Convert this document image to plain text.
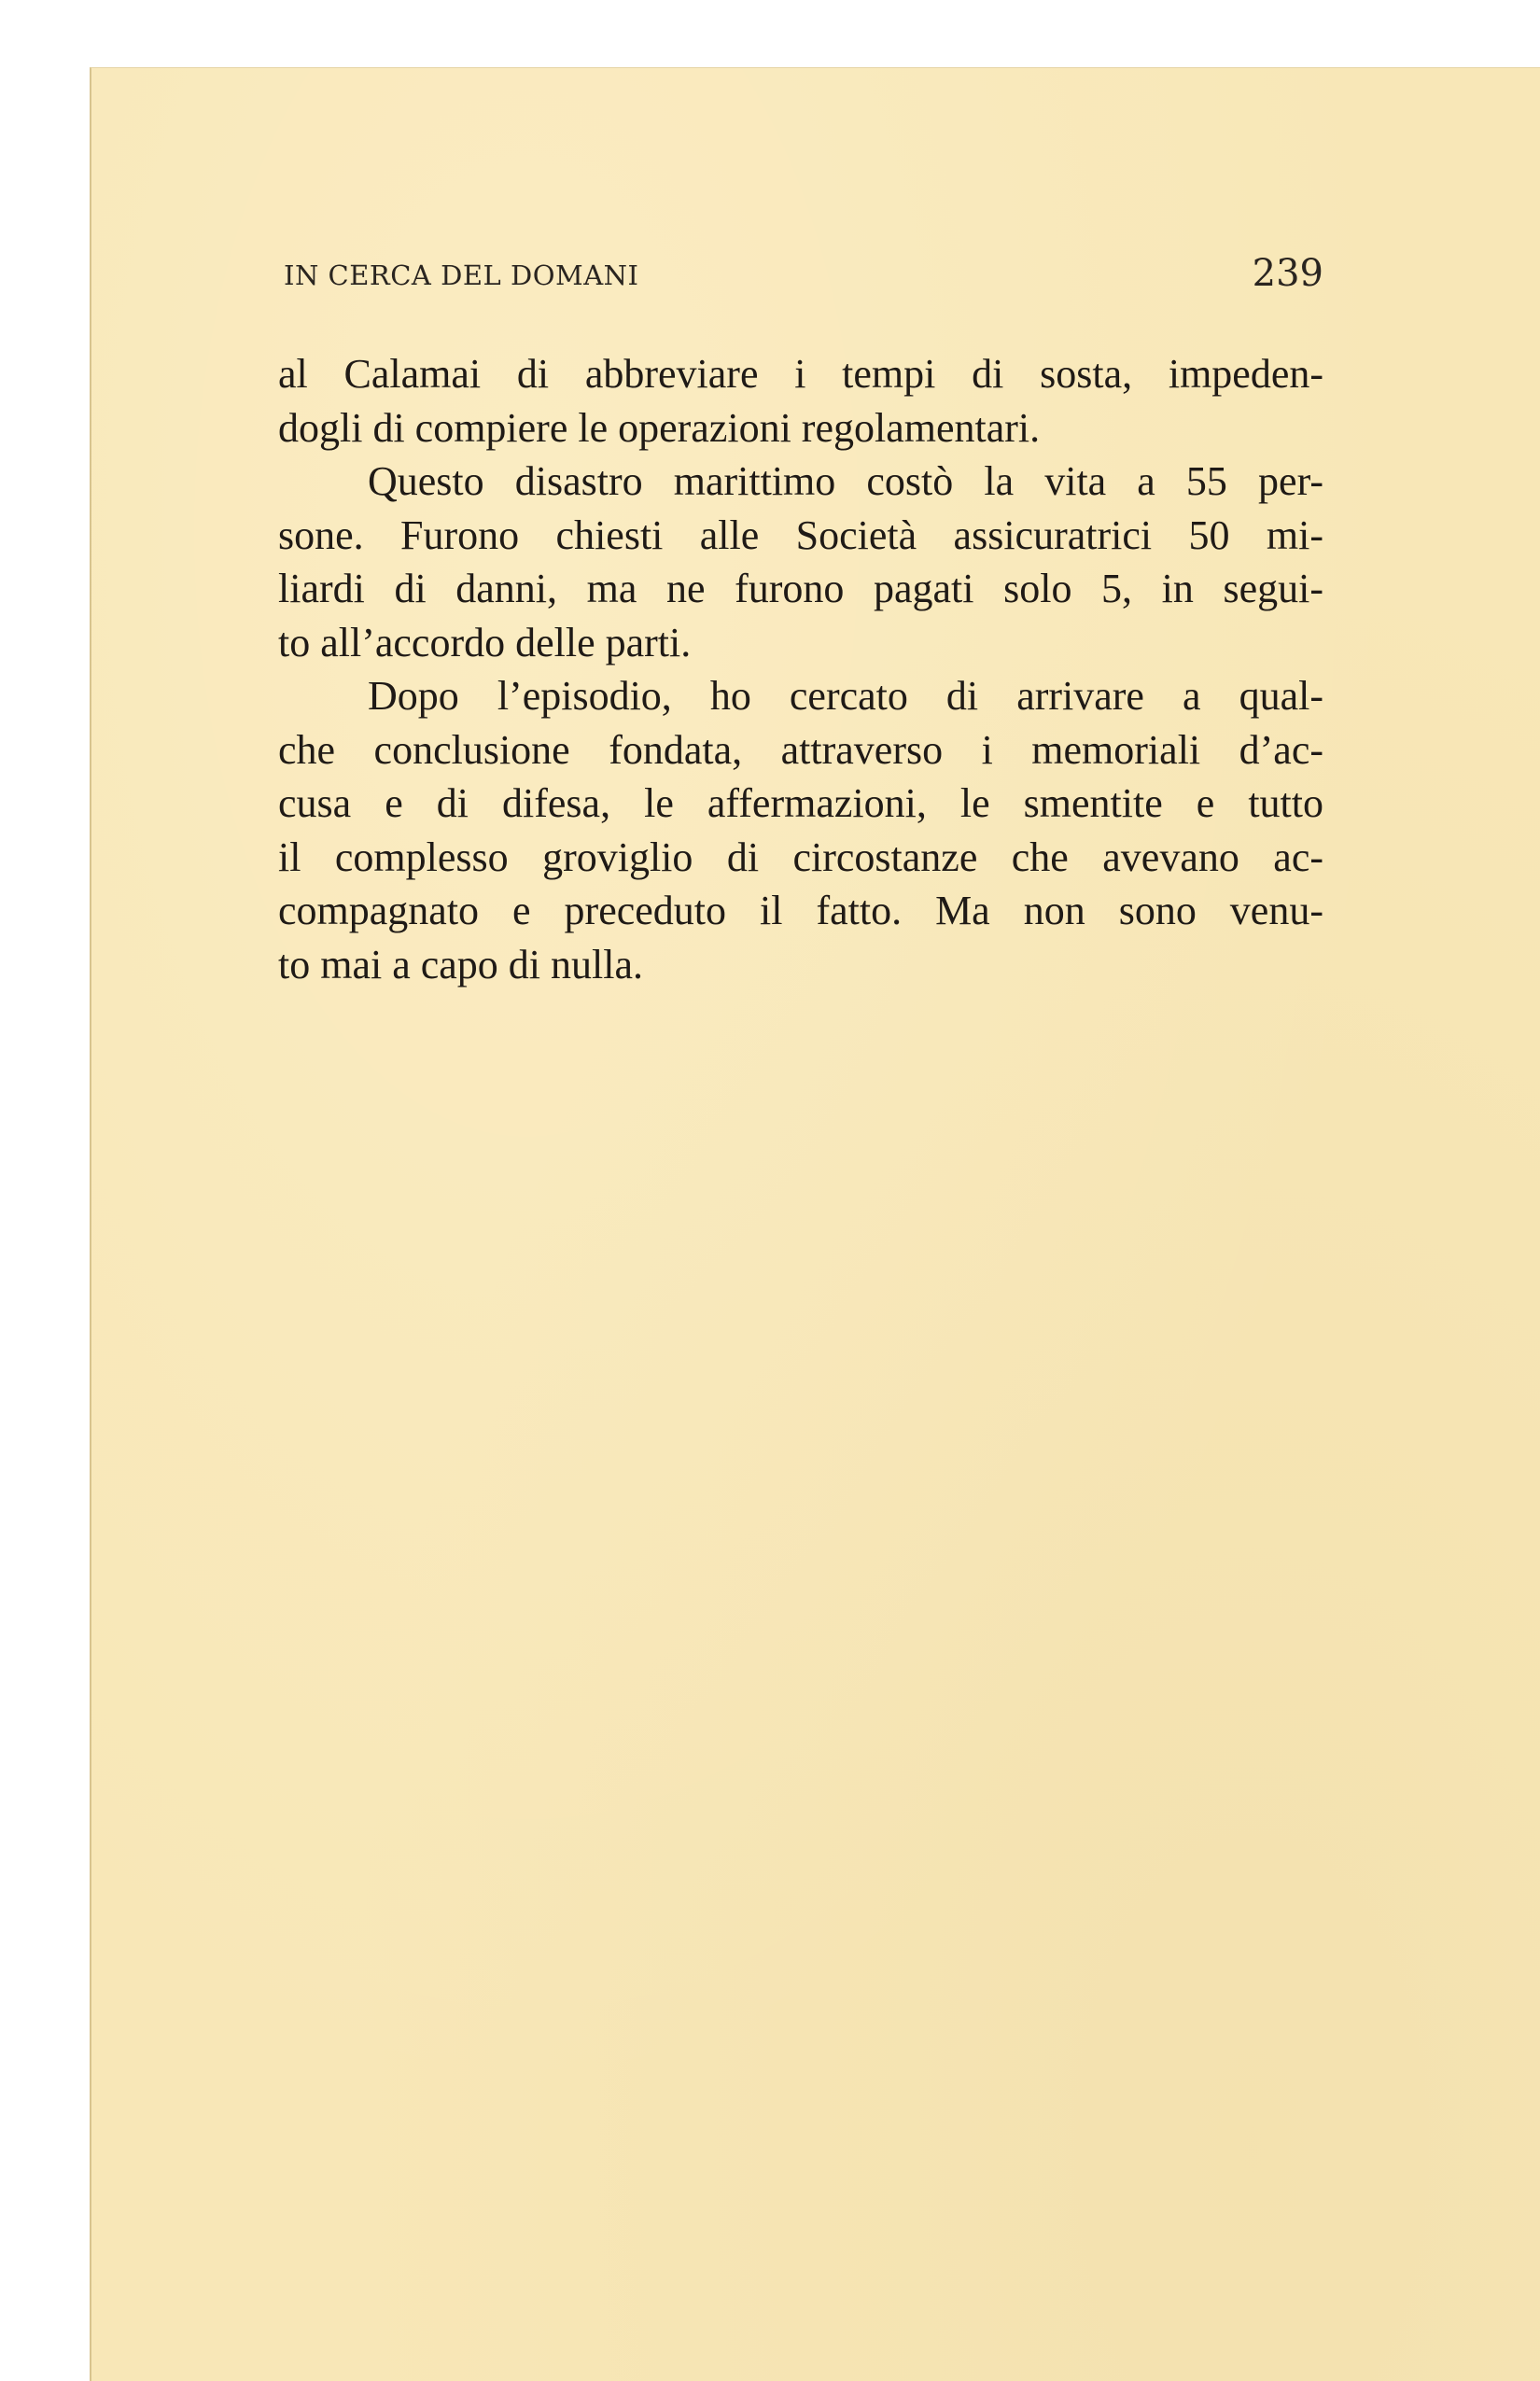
IN CERCA DEL DOMANI	239
al Calamai di abbreviare i tempi di sosta, impeden-
dogli di compiere le operazioni regolamentari.
Questo disastro marittimo costò la vita a 55 per-
sone. Furono chiesti alle Società assicuratrici 50 mi-
liardi di danni, ma ne furono pagati solo 5, in segui-
to all’accordo delle parti.
Dopo l’episodio, ho cercato di arrivare a qual-
che conclusione fondata, attraverso i memoriali d’ac-
cusa e di difesa, le affermazioni, le smentite e tutto
il complesso groviglio di circostanze che avevano ac-
compagnato e preceduto il fatto. Ma non sono venu-
to mai a capo di nulla.
